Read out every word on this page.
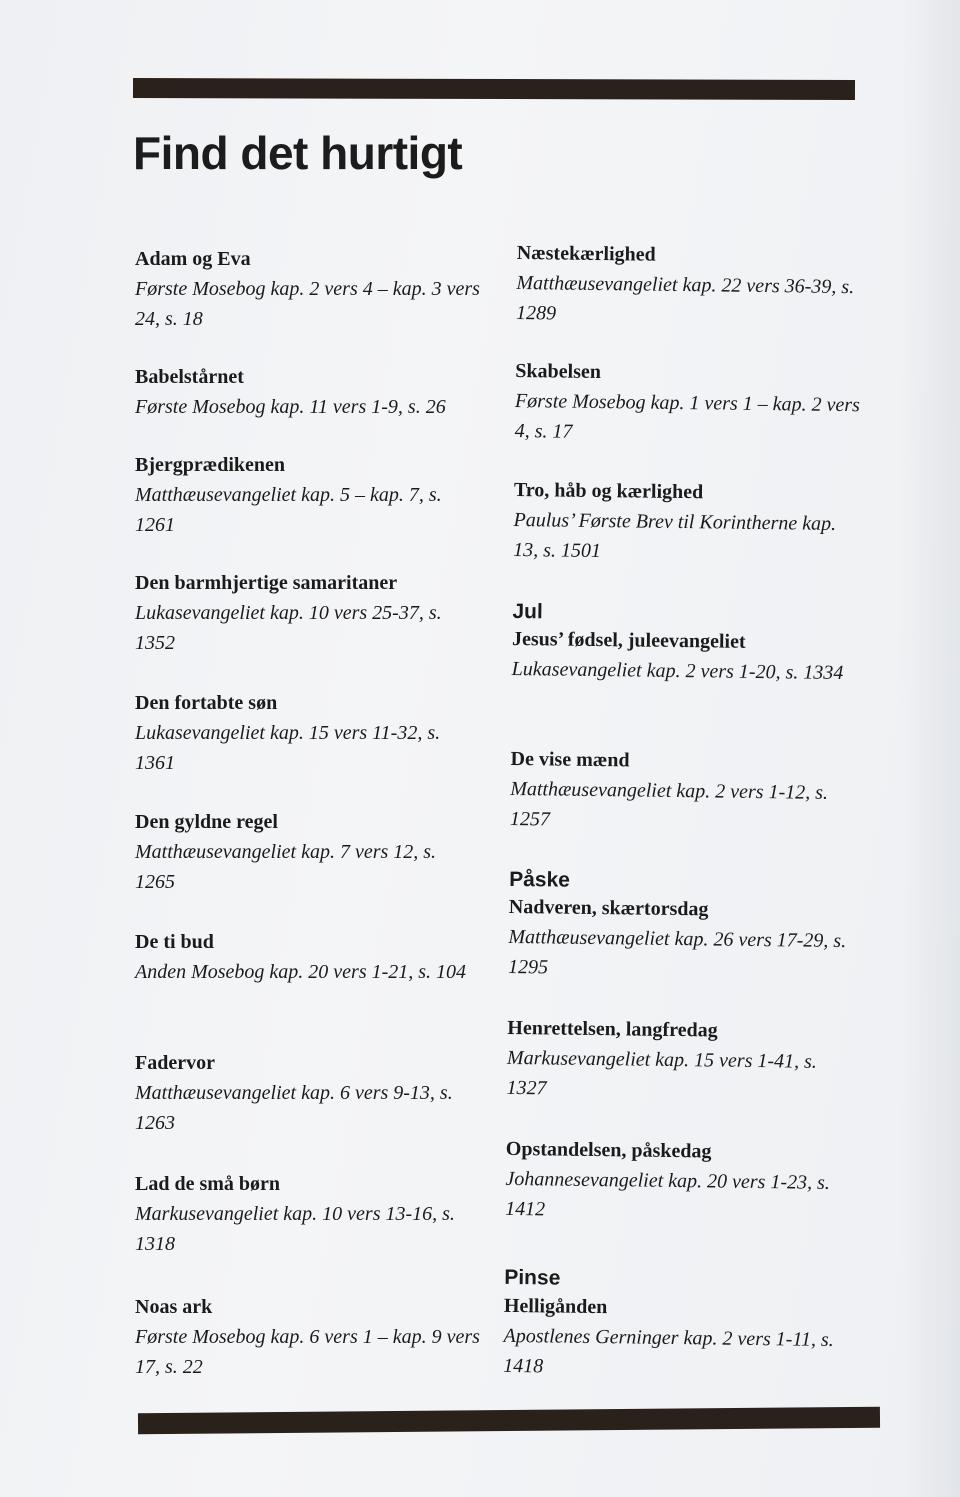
Find det hurtigt
Adam og Eva
Første Mosebog kap. 2 vers 4 – kap. 3 vers 24, s. 18
Babelstårnet
Første Mosebog kap. 11 vers 1-9, s. 26
Bjergprædikenen
Matthæusevangeliet kap. 5 – kap. 7, s. 1261
Den barmhjertige samaritaner
Lukasevangeliet kap. 10 vers 25-37, s. 1352
Den fortabte søn
Lukasevangeliet kap. 15 vers 11-32, s. 1361
Den gyldne regel
Matthæusevangeliet kap. 7 vers 12, s. 1265
De ti bud
Anden Mosebog kap. 20 vers 1-21, s. 104
Fadervor
Matthæusevangeliet kap. 6 vers 9-13, s. 1263
Lad de små børn
Markusevangeliet kap. 10 vers 13-16, s. 1318
Noas ark
Første Mosebog kap. 6 vers 1 – kap. 9 vers 17, s. 22
Næstekærlighed
Matthæusevangeliet kap. 22 vers 36-39, s. 1289
Skabelsen
Første Mosebog kap. 1 vers 1 – kap. 2 vers 4, s. 17
Tro, håb og kærlighed
Paulus’ Første Brev til Korintherne kap. 13, s. 1501
Jul
Jesus’ fødsel, juleevangeliet
Lukasevangeliet kap. 2 vers 1-20, s. 1334
De vise mænd
Matthæusevangeliet kap. 2 vers 1-12, s. 1257
Påske
Nadveren, skærtorsdag
Matthæusevangeliet kap. 26 vers 17-29, s. 1295
Henrettelsen, langfredag
Markusevangeliet kap. 15 vers 1-41, s. 1327
Opstandelsen, påskedag
Johannesevangeliet kap. 20 vers 1-23, s. 1412
Pinse
Helligånden
Apostlenes Gerninger kap. 2 vers 1-11, s. 1418
